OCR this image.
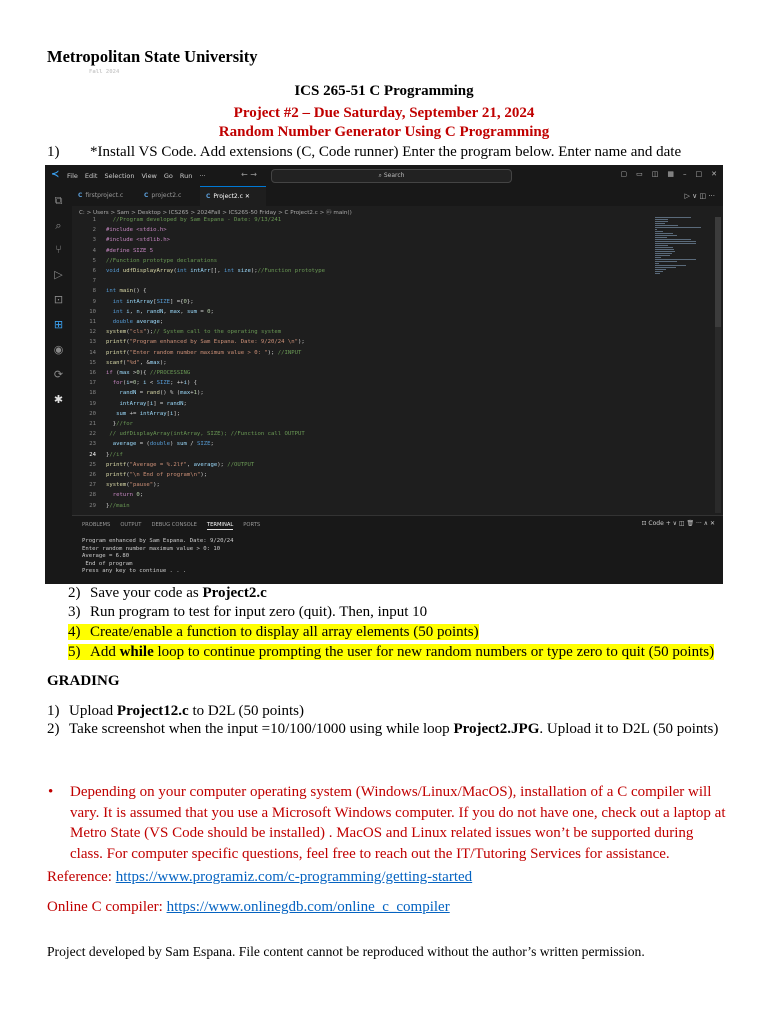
Metropolitan State University
Fall 2024
ICS 265-51 C Programming
Project #2 – Due Saturday, September 21, 2024
Random Number Generator Using C Programming
1) *Install VS Code. Add extensions (C, Code runner) Enter the program below. Enter name and date
≺ File Edit Selection View Go Run ···	← →	⌕ Search	▢ ▭ ◫ ▦ – □ ✕
⧉
⌕
⑂
▷
⊡
⊞
◉
⟳
✱
C firstproject.c	C project2.c	C Project2.c ✕	▷ ∨ ◫ ···
C: > Users > Sam > Desktop > ICS265 > 2024Fall > ICS265-50 Friday > C Project2.c > ⓜ main()
1	//Program developed by Sam Espana - Date: 9/13/241
2 #include <stdio.h>
3 #include <stdlib.h>
4 #define SIZE 5
5 //Function prototype declarations
6 void udfDisplayArray(int intArr[], int size);//Function prototype
7
8 int main() {
9	int intArray[SIZE] ={0};
10	int i, n, randN, max, sum = 0;
11	double average;
12 system("cls");// System call to the operating system
13 printf("Program enhanced by Sam Espana. Date: 9/20/24 \n");
14 printf("Enter random number maximum value > 0: "); //INPUT
15 scanf("%d", &max);
16 if (max >0){ //PROCESSING
17	for(i=0; i < SIZE; ++i) {
18	randN = rand() % (max+1);
19	intArray[i] = randN;
20	sum += intArray[i];
21  }//for
22 // udfDisplayArray(intArray, SIZE); //Function call OUTPUT
23	average = (double) sum / SIZE;
24 }//if
25 printf("Average = %.2lf", average); //OUTPUT
26 printf("\n End of program\n");
27 system("pause");
28	return 0;
29 }//main
PROBLEMS OUTPUT DEBUG CONSOLE TERMINAL PORTS	⊡ Code + ∨ ◫ 🗑 ··· ∧ ✕
Program enhanced by Sam Espana. Date: 9/20/24
Enter random number maximum value > 0: 10
Average = 6.80
End of program
Press any key to continue . . .
2) Save your code as Project2.c
3) Run program to test for input zero (quit). Then, input 10
4) Create/enable a function to display all array elements (50 points)
5) Add while loop to continue prompting the user for new random numbers or type zero to quit (50 points)
GRADING
1) Upload Project12.c to D2L (50 points)
2) Take screenshot when the input =10/100/1000 using while loop Project2.JPG. Upload it to D2L (50 points)
• Depending on your computer operating system (Windows/Linux/MacOS), installation of a C compiler will vary. It is assumed that you use a Microsoft Windows computer. If you do not have one, check out a laptop at Metro State (VS Code should be installed) . MacOS and Linux related issues won’t be supported during class. For computer specific questions, feel free to reach out the IT/Tutoring Services for assistance.
Reference: https://www.programiz.com/c-programming/getting-started
Online C compiler: https://www.onlinegdb.com/online_c_compiler
Project developed by Sam Espana. File content cannot be reproduced without the author’s written permission.
